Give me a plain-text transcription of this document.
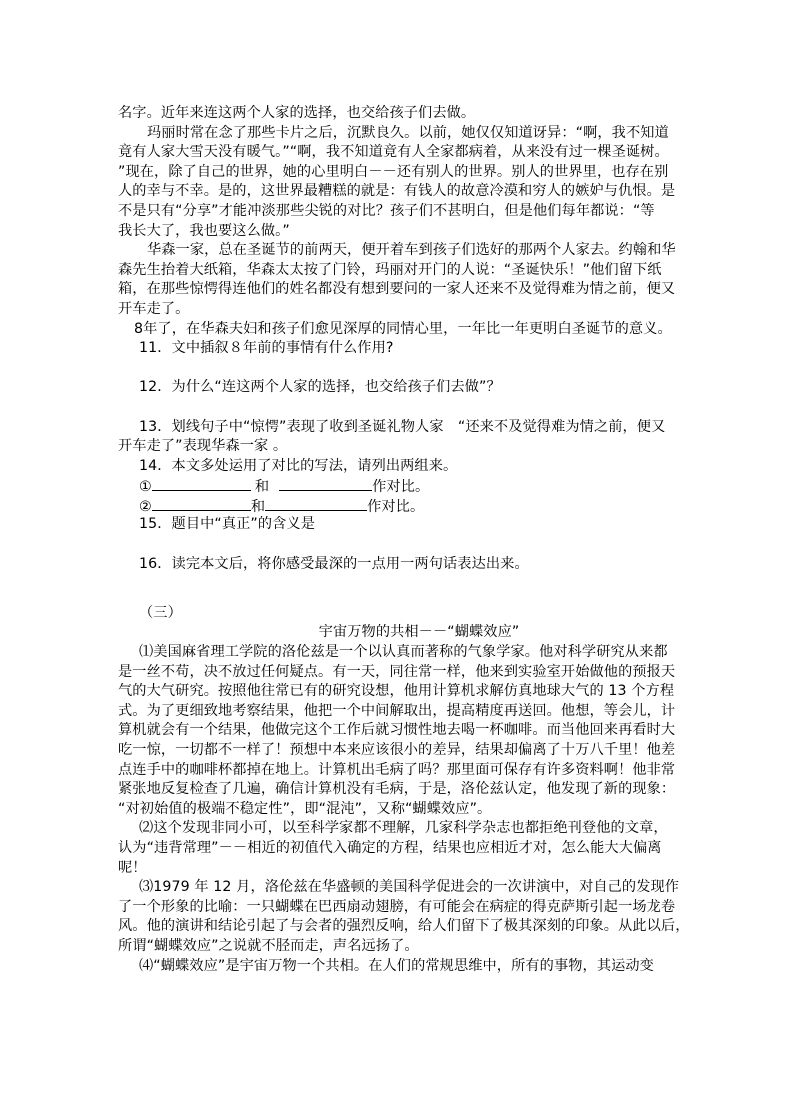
名字。近年来连这两个人家的选择，也交给孩子们去做。
玛丽时常在念了那些卡片之后，沉默良久。以前，她仅仅知道讶异：“啊，我不知道
竟有人家大雪天没有暖气。”“啊，我不知道竟有人全家都病着，从来没有过一棵圣诞树。
”现在，除了自己的世界，她的心里明白－－还有别人的世界。别人的世界里，也存在别
人的幸与不幸。是的，这世界最糟糕的就是：有钱人的故意冷漠和穷人的嫉妒与仇恨。是
不是只有“分享”才能冲淡那些尖锐的对比？孩子们不甚明白，但是他们每年都说：“等
我长大了，我也要这么做。”
华森一家，总在圣诞节的前两天，便开着车到孩子们选好的那两个人家去。约翰和华
森先生抬着大纸箱，华森太太按了门铃，玛丽对开门的人说：“圣诞快乐！”他们留下纸
箱，在那些惊愕得连他们的姓名都没有想到要问的一家人还来不及觉得难为情之前，便又
开车走了。
8年了，在华森夫妇和孩子们愈见深厚的同情心里，一年比一年更明白圣诞节的意义。
11．文中插叙８年前的事情有什么作用?
12．为什么“连这两个人家的选择，也交给孩子们去做”？
13．划线句子中“惊愕”表现了收到圣诞礼物人家　“还来不及觉得难为情之前，便又
开车走了”表现华森一家 。
14．本文多处运用了对比的写法，请列出两组来。
①	和	作对比。
②	和	作对比。
15．题目中“真正”的含义是
16．读完本文后，将你感受最深的一点用一两句话表达出来。
（三）
宇宙万物的共相－－“蝴蝶效应”
⑴美国麻省理工学院的洛伦兹是一个以认真而著称的气象学家。他对科学研究从来都
是一丝不苟，决不放过任何疑点。有一天，同往常一样，他来到实验室开始做他的预报天
气的大气研究。按照他往常已有的研究设想，他用计算机求解仿真地球大气的 13 个方程
式。为了更细致地考察结果，他把一个中间解取出，提高精度再送回。他想，等会儿，计
算机就会有一个结果，他做完这个工作后就习惯性地去喝一杯咖啡。而当他回来再看时大
吃一惊，一切都不一样了！预想中本来应该很小的差异，结果却偏离了十万八千里！他差
点连手中的咖啡杯都掉在地上。计算机出毛病了吗？那里面可保存有许多资料啊！他非常
紧张地反复检查了几遍，确信计算机没有毛病，于是，洛伦兹认定，他发现了新的现象：
“对初始值的极端不稳定性”，即“混沌”，又称“蝴蝶效应”。
⑵这个发现非同小可，以至科学家都不理解，几家科学杂志也都拒绝刊登他的文章，
认为“违背常理”－－相近的初值代入确定的方程，结果也应相近才对，怎么能大大偏离
呢！
⑶1979 年 12 月，洛伦兹在华盛顿的美国科学促进会的一次讲演中，对自己的发现作
了一个形象的比喻：一只蝴蝶在巴西扇动翅膀，有可能会在病症的得克萨斯引起一场龙卷
风。他的演讲和结论引起了与会者的强烈反响，给人们留下了极其深刻的印象。从此以后，
所谓“蝴蝶效应”之说就不胫而走，声名远扬了。
⑷“蝴蝶效应”是宇宙万物一个共相。在人们的常规思维中，所有的事物，其运动变
